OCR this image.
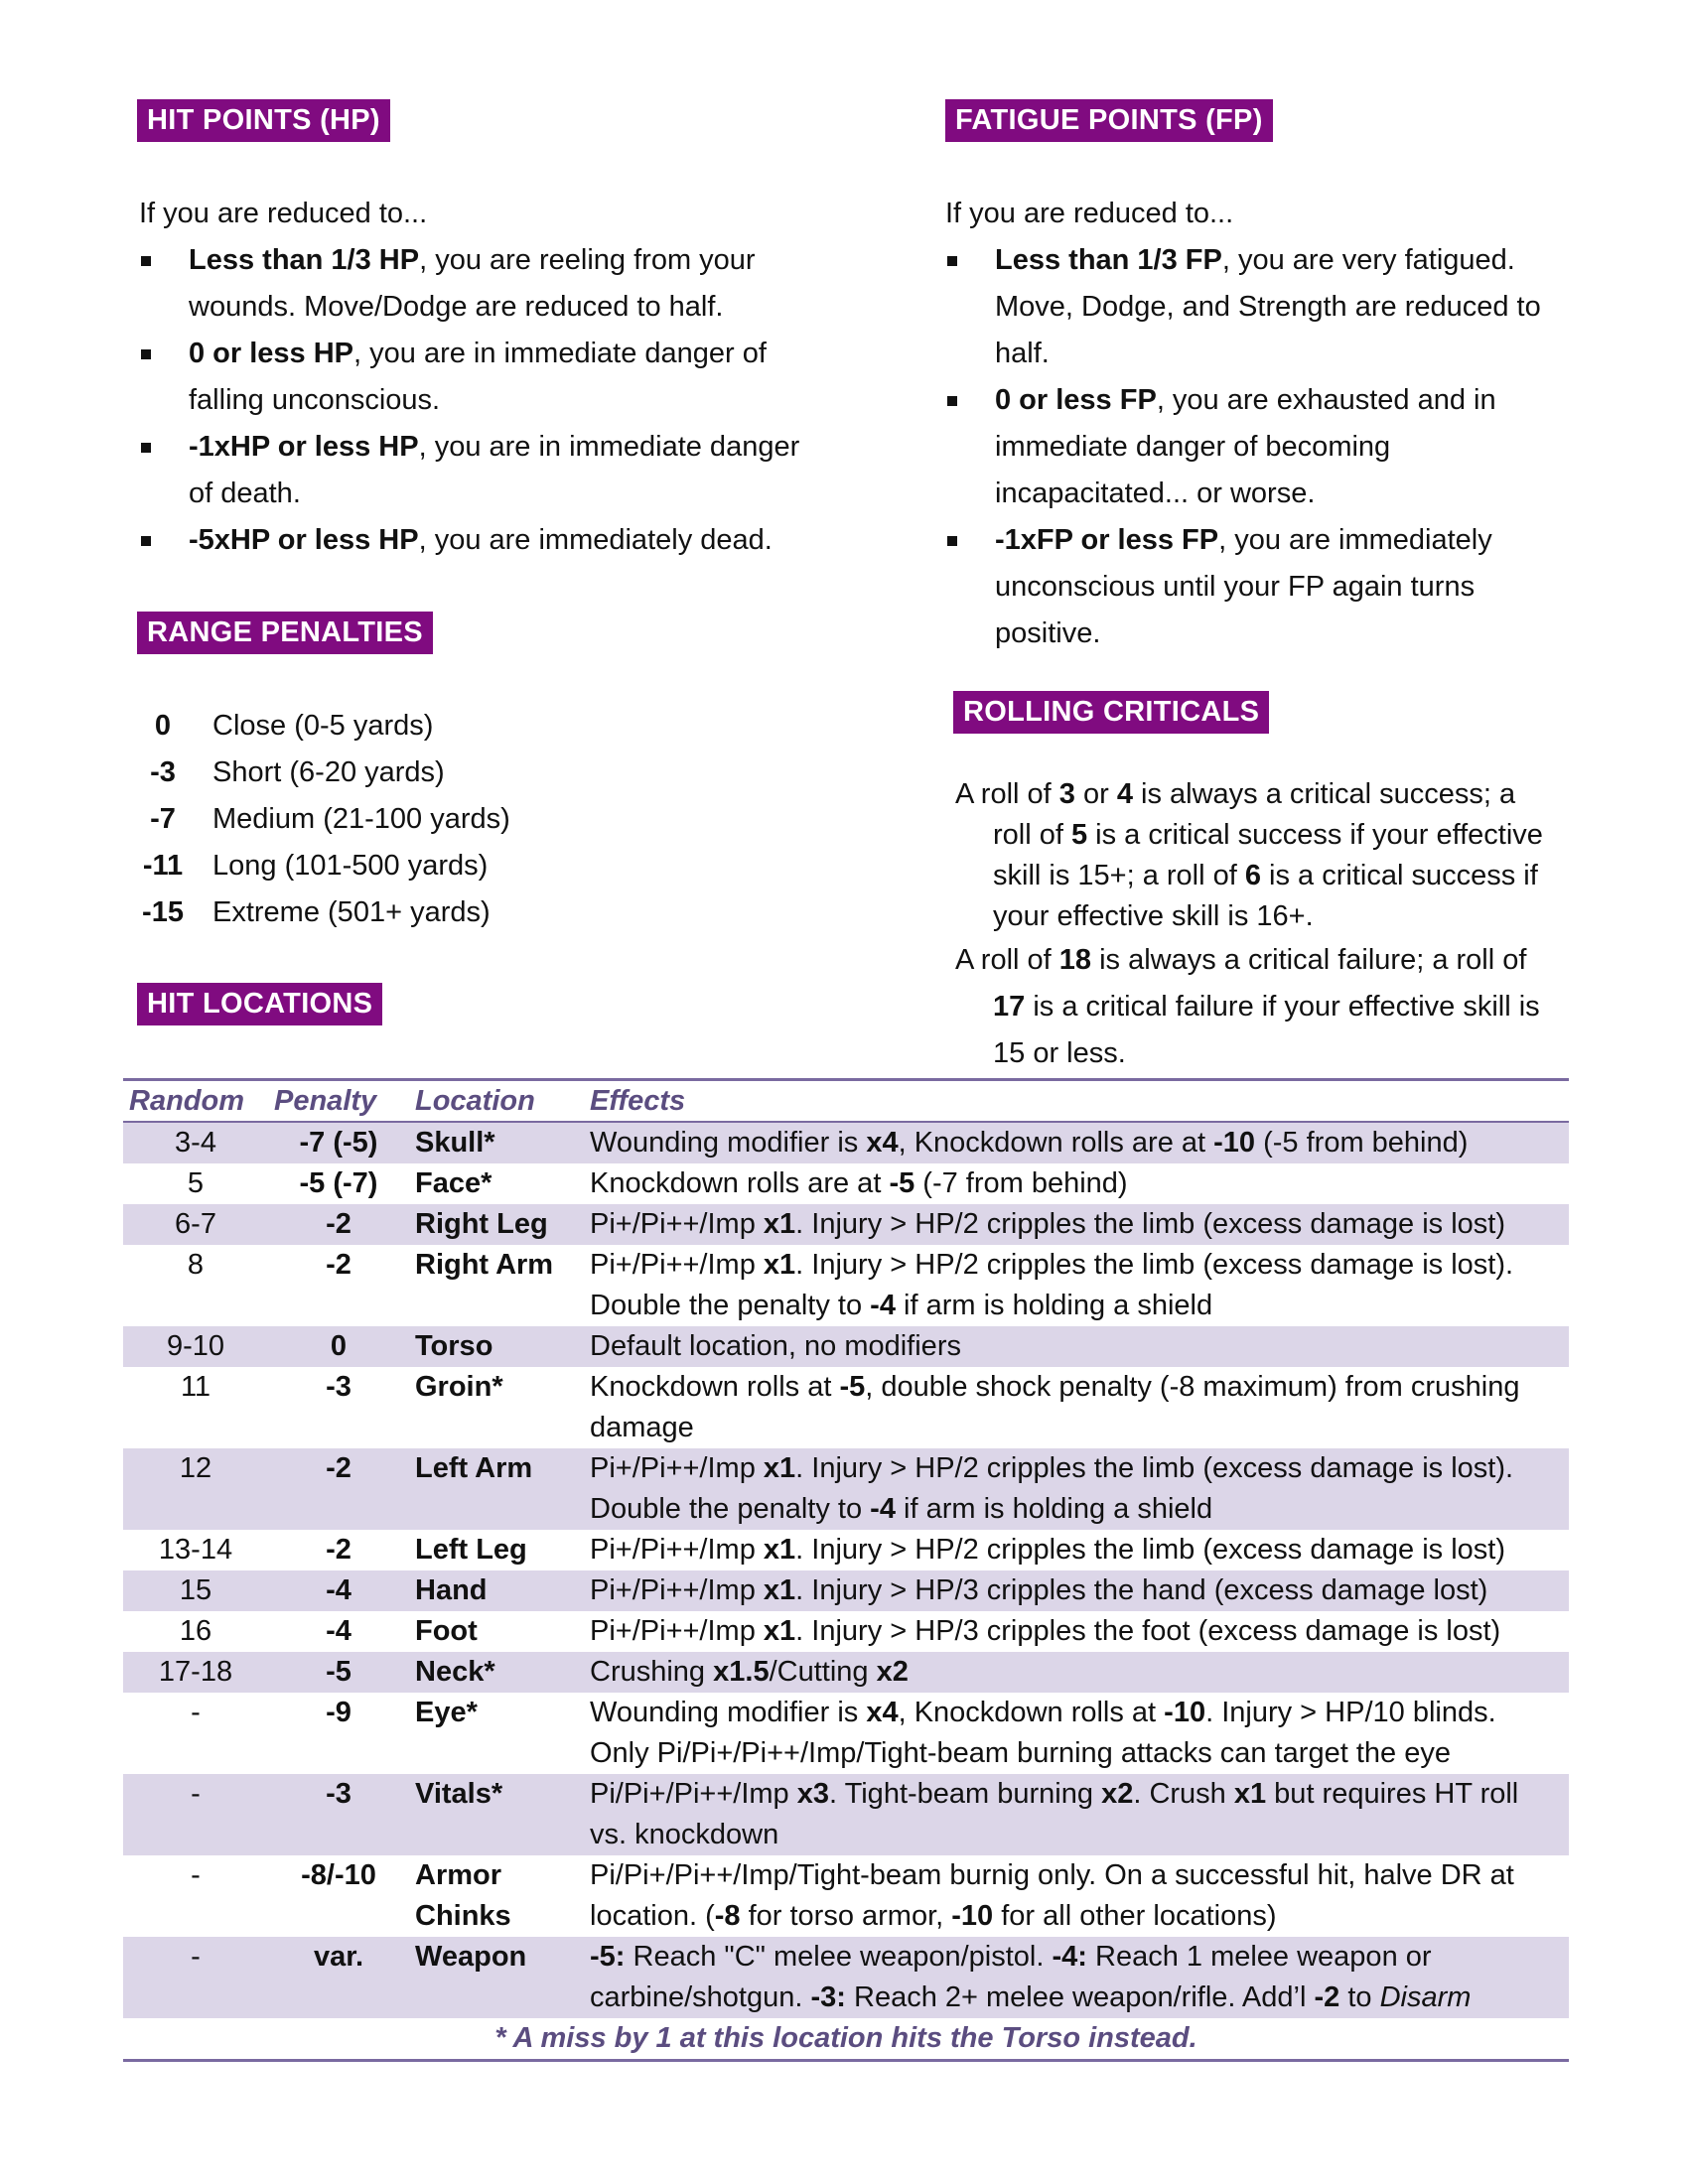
HIT POINTS (HP)
If you are reduced to...
Less than 1/3 HP, you are reeling from your wounds. Move/Dodge are reduced to half.
0 or less HP, you are in immediate danger of falling unconscious.
-1xHP or less HP, you are in immediate danger of death.
-5xHP or less HP, you are immediately dead.
FATIGUE POINTS (FP)
If you are reduced to...
Less than 1/3 FP, you are very fatigued. Move, Dodge, and Strength are reduced to half.
0 or less FP, you are exhausted and in immediate danger of becoming incapacitated... or worse.
-1xFP or less FP, you are immediately unconscious until your FP again turns positive.
RANGE PENALTIES
0	Close (0-5 yards)
-3	Short (6-20 yards)
-7	Medium (21-100 yards)
-11	Long (101-500 yards)
-15	Extreme (501+ yards)
ROLLING CRITICALS

A roll of 3 or 4 is always a critical success; a roll of 5 is a critical success if your effective skill is 15+; a roll of 6 is a critical success if your effective skill is 16+.

A roll of 18 is always a critical failure; a roll of 17 is a critical failure if your effective skill is 15 or less.

HIT LOCATIONS
Random	Penalty	Location	Effects
3-4	-7 (-5)	Skull*	Wounding modifier is x4, Knockdown rolls are at -10 (-5 from behind)
5	-5 (-7)	Face*	Knockdown rolls are at -5 (-7 from behind)
6-7	-2	Right Leg	Pi+/Pi++/Imp x1. Injury > HP/2 cripples the limb (excess damage is lost)
8	-2	Right Arm	Pi+/Pi++/Imp x1. Injury > HP/2 cripples the limb (excess damage is lost). Double the penalty to -4 if arm is holding a shield
9-10	0	Torso	Default location, no modifiers
11	-3	Groin*	Knockdown rolls at -5, double shock penalty (-8 maximum) from crushing damage
12	-2	Left Arm	Pi+/Pi++/Imp x1. Injury > HP/2 cripples the limb (excess damage is lost). Double the penalty to -4 if arm is holding a shield
13-14	-2	Left Leg	Pi+/Pi++/Imp x1. Injury > HP/2 cripples the limb (excess damage is lost)
15	-4	Hand	Pi+/Pi++/Imp x1. Injury > HP/3 cripples the hand (excess damage lost)
16	-4	Foot	Pi+/Pi++/Imp x1. Injury > HP/3 cripples the foot (excess damage is lost)
17-18	-5	Neck*	Crushing x1.5/Cutting x2
-	-9	Eye*	Wounding modifier is x4, Knockdown rolls at -10. Injury > HP/10 blinds. Only Pi/Pi+/Pi++/Imp/Tight-beam burning attacks can target the eye
-	-3	Vitals*	Pi/Pi+/Pi++/Imp x3. Tight-beam burning x2. Crush x1 but requires HT roll vs. knockdown
-	-8/-10	Armor Chinks	Pi/Pi+/Pi++/Imp/Tight-beam burnig only. On a successful hit, halve DR at location. (-8 for torso armor, -10 for all other locations)
-	var.	Weapon	-5: Reach "C" melee weapon/pistol. -4: Reach 1 melee weapon or carbine/shotgun. -3: Reach 2+ melee weapon/rifle. Add’l -2 to Disarm
* A miss by 1 at this location hits the Torso instead.			
